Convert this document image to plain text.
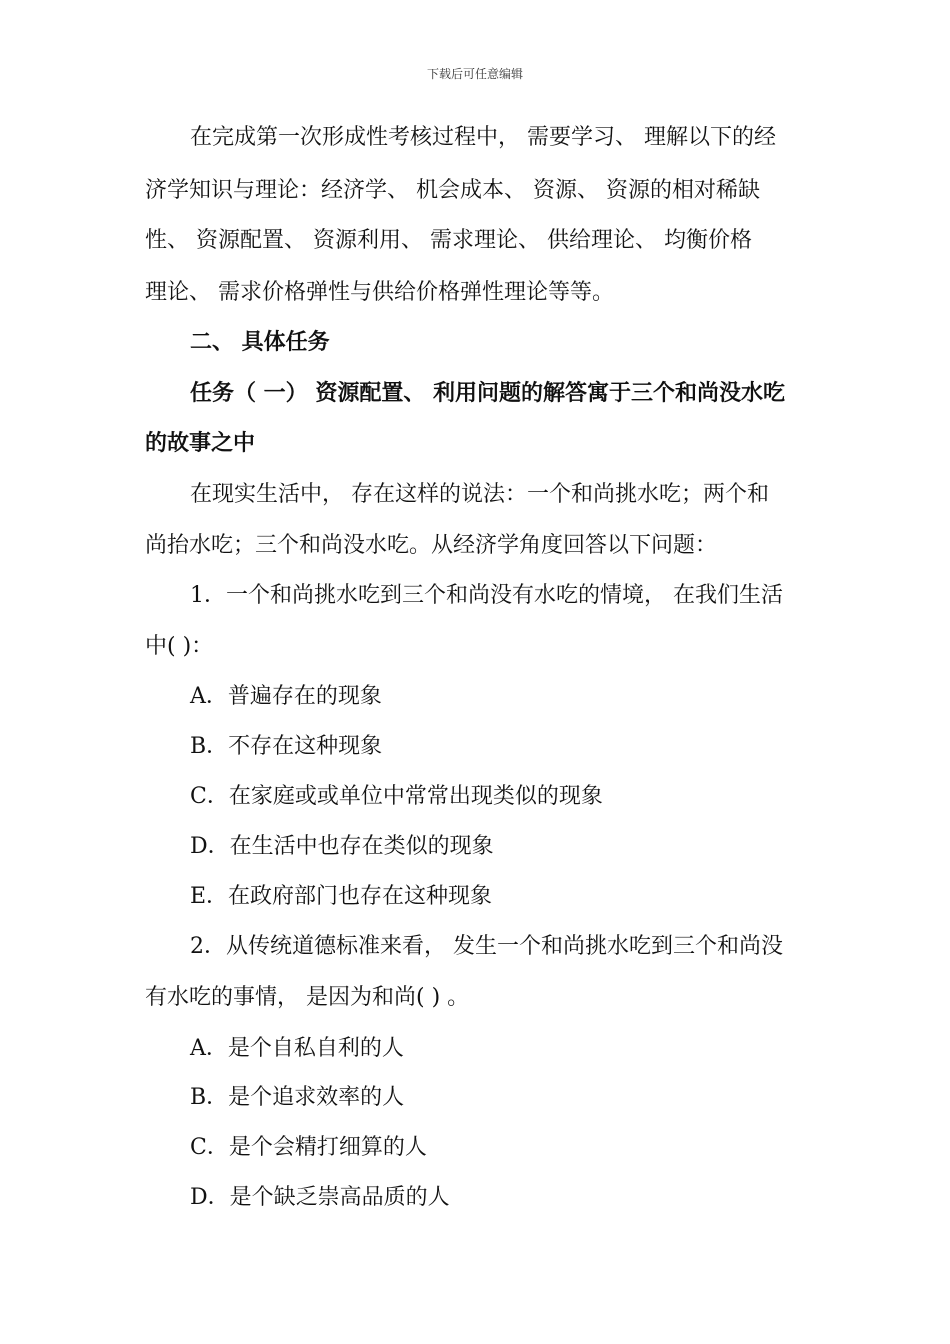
下载后可任意编辑
在完成第一次形成性考核过程中， 需要学习、 理解以下的经
济学知识与理论：经济学、 机会成本、 资源、 资源的相对稀缺
性、 资源配置、 资源利用、 需求理论、 供给理论、 均衡价格
理论、 需求价格弹性与供给价格弹性理论等等。
二、 具体任务
任务（ 一） 资源配置、 利用问题的解答寓于三个和尚没水吃
的故事之中
在现实生活中， 存在这样的说法：一个和尚挑水吃；两个和
尚抬水吃；三个和尚没水吃。从经济学角度回答以下问题：
1．一个和尚挑水吃到三个和尚没有水吃的情境， 在我们生活
中( )：
A．普遍存在的现象
B．不存在这种现象
C．在家庭或或单位中常常出现类似的现象
D．在生活中也存在类似的现象
E．在政府部门也存在这种现象
2．从传统道德标准来看， 发生一个和尚挑水吃到三个和尚没
有水吃的事情， 是因为和尚( ) 。
A．是个自私自利的人
B．是个追求效率的人
C．是个会精打细算的人
D．是个缺乏崇高品质的人
